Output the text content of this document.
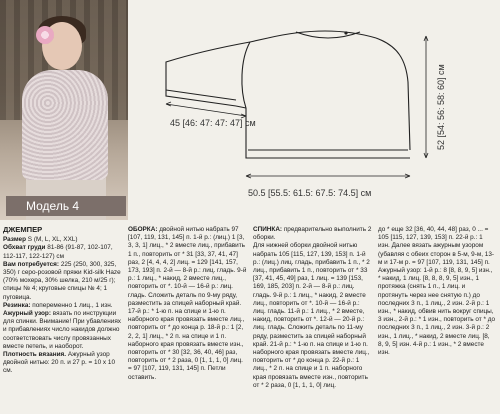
Модель 4
45 [46: 47: 47: 47] см	52 [54: 56: 58: 60] см
50.5 [55.5: 61.5: 67.5: 74.5] см
ДЖЕМПЕР

Размер S (M, L, XL, XXL)

Обхват груди 81-86 (91-87, 102-107, 112-117, 122-127) см

Вам потребуется: 225 (250, 300, 325, 350) г серо-розовой пряжи Kid-silk Haze (70% мохера, 30% шелка, 210 м/25 г); спицы № 4; круговые спицы № 4; 1 пуговица.

Резинка: попеременно 1 лиц., 1 изн.

Ажурный узор: вязать по инструкции для спинки. Внимание! При убавлениях и прибавлениях число накидов должно соответствовать числу провязанных вместе петель, и наоборот.

Плотность вязания. Ажурный узор двойной нитью: 20 п. и 27 р. = 10 х 10 см.

ОБОРКА: двойной нитью набрать 97 [107, 119, 131, 145] п. 1-й р.: (лиц.) 1 [3, 3, 3, 1] лиц., * 2 вместе лиц., прибавить 1 п., повторить от * 31 [33, 37, 41, 47] раз, 2 [4, 4, 4, 2] лиц. = 129 [141, 157, 173, 193] п. 2-й — 8-й р.: лиц. гладь. 9-й р.: 1 лиц., * накид, 2 вместе лиц., повторить от *. 10-й — 16-й р.: лиц. гладь. Сложить деталь по 9-му ряду, разместить за спицей наборный край. 17-й р.: * 1-ю п. на спице и 1-ю п. наборного края провязать вместе лиц., повторить от * до конца р. 18-й р.: 1 [2, 2, 2, 1] лиц., * 2 п. на спице и 1 п. наборного края провязать вместе изн., повторить от * 30 [32, 36, 40, 46] раз, повторить от * 2 раза, 0 [1, 1, 1, 0] лиц. = 97 [107, 119, 131, 145] п. Петли оставить.

СПИНКА: предварительно выполнить 2 оборки.

Для нижней оборки двойной нитью набрать 105 [115, 127, 139, 153] п. 1-й р.: (лиц.) лиц. гладь, прибавить 1 п., * 2 лиц., прибавить 1 п., повторить от * 33 [37, 41, 45, 49] раз, 1 лиц. = 139 [153, 169, 185, 203] п. 2-й — 8-й р.: лиц. гладь. 9-й р.: 1 лиц., * накид, 2 вместе лиц., повторить от *. 10-й — 16-й р.: лиц. гладь. 11-й р.: 1 лиц., * 2 вместе, накид, повторить от *. 12-й — 20-й р.: лиц. гладь. Сложить деталь по 11-му ряду, разместить за спицей наборный край. 21-й р.: * 1-ю п. на спице и 1-ю п. наборного края провязать вместе лиц., повторить от * до конца р. 22-й р.: 1 лиц., * 2 п. на спице и 1 п. наборного края провязать вместе изн., повторить от * 2 раза, 0 [1, 1, 1, 0] лиц.

до * еще 32 [36, 40, 44, 48] раз, 0 ... = 105 [115, 127, 139, 153] п. 22-й р.: 1 изн. Далее вязать ажурным узором (убавляя с обеих сторон в 5-м, 9-м, 13-м и 17-м р. = 97 [107, 119, 131, 145] п. Ажурный узор: 1-й р.: 8 [8, 8, 9, 5] изн., * накид, 1 лиц. [8, 8, 8, 9, 5] изн., 1 протяжка (снять 1 п., 1 лиц. и протянуть через нее снятую п.) до последних 3 п., 1 лиц., 2 изн. 2-й р.: 1 изн., * накид, обвив нить вокруг спицы, 3 изн., 2-й р.: * 1 изн., повторить от * до последних 3 п., 1 лиц., 2 изн. 3-й р.: 2 изн., 1 лиц., * накид, 2 вместе лиц. [8, 8, 9, 5] изн. 4-й р.: 1 изн., * 2 вместе изн.
